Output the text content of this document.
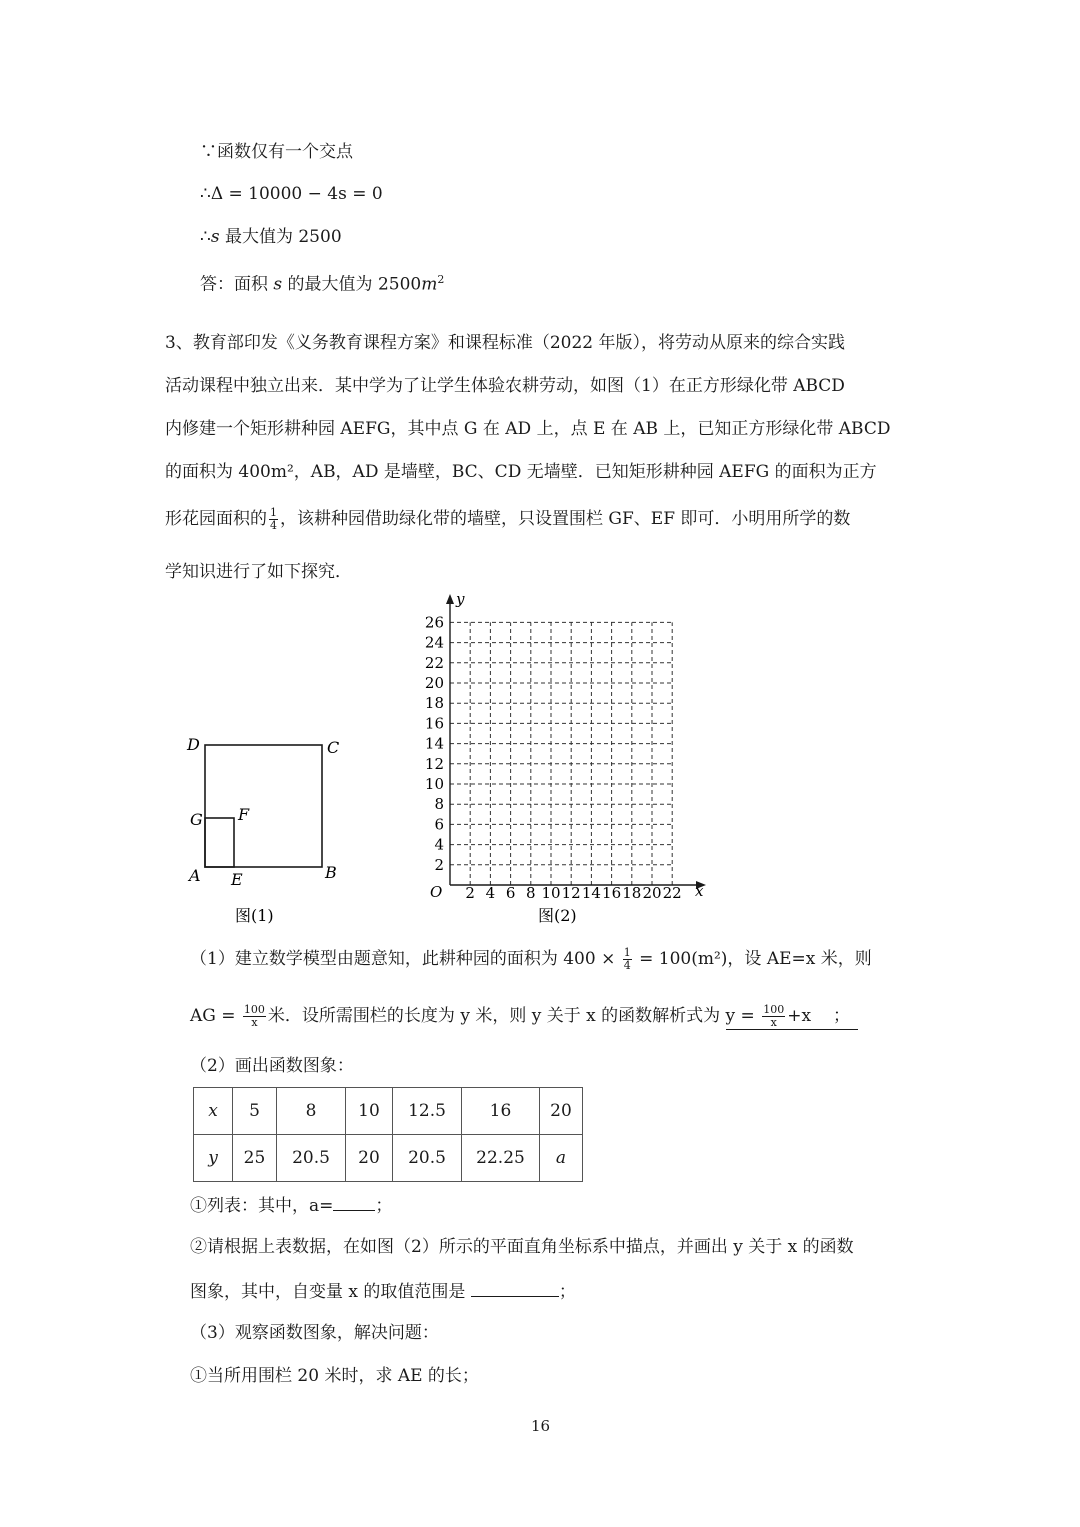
∵函数仅有一个交点
∴Δ = 10000 − 4s = 0
∴s 最大值为 2500
答：面积 s 的最大值为 $2500m^2$
3、教育部印发《义务教育课程方案》和课程标准（2022 年版），将劳动从原来的综合实践
活动课程中独立出来．某中学为了让学生体验农耕劳动，如图（1）在正方形绿化带 ABCD
内修建一个矩形耕种园 AEFG，其中点 G 在 AD 上，点 E 在 AB 上，已知正方形绿化带 ABCD
的面积为 400m²，AB，AD 是墙壁，BC、CD 无墙壁．已知矩形耕种园 AEFG 的面积为正方
形花园面积的 $\frac{1}{4}$ ，该耕种园借助绿化带的墙壁，只设置围栏 GF、EF 即可．小明用所学的数
学知识进行了如下探究．
D	C
G F
A E	B
图(1)
y
x
O
2
4
6
8
10
12
14
16
18
20
22
24
26
2 4 6 8 10 12 14 16 18 20 22
图(2)
（1）建立数学模型由题意知，此耕种园的面积为 $400 \times \frac{1}{4} = 100(m^2)$，设 AE=x 米，则
AG = $\frac{100}{x}$ 米．设所需围栏的长度为 y 米，则 y 关于 x 的函数解析式为 $y = \frac{100}{x} +x$ ；
（2）画出函数图象：
x	5	8	10	12.5	16	20
y	25	20.5	20	20.5	22.25	a
①列表：其中，a= ；
②请根据上表数据，在如图（2）所示的平面直角坐标系中描点，并画出 y 关于 x 的函数
图象，其中，自变量 x 的取值范围是	；
（3）观察函数图象，解决问题：
①当所用围栏 20 米时，求 AE 的长；
16
